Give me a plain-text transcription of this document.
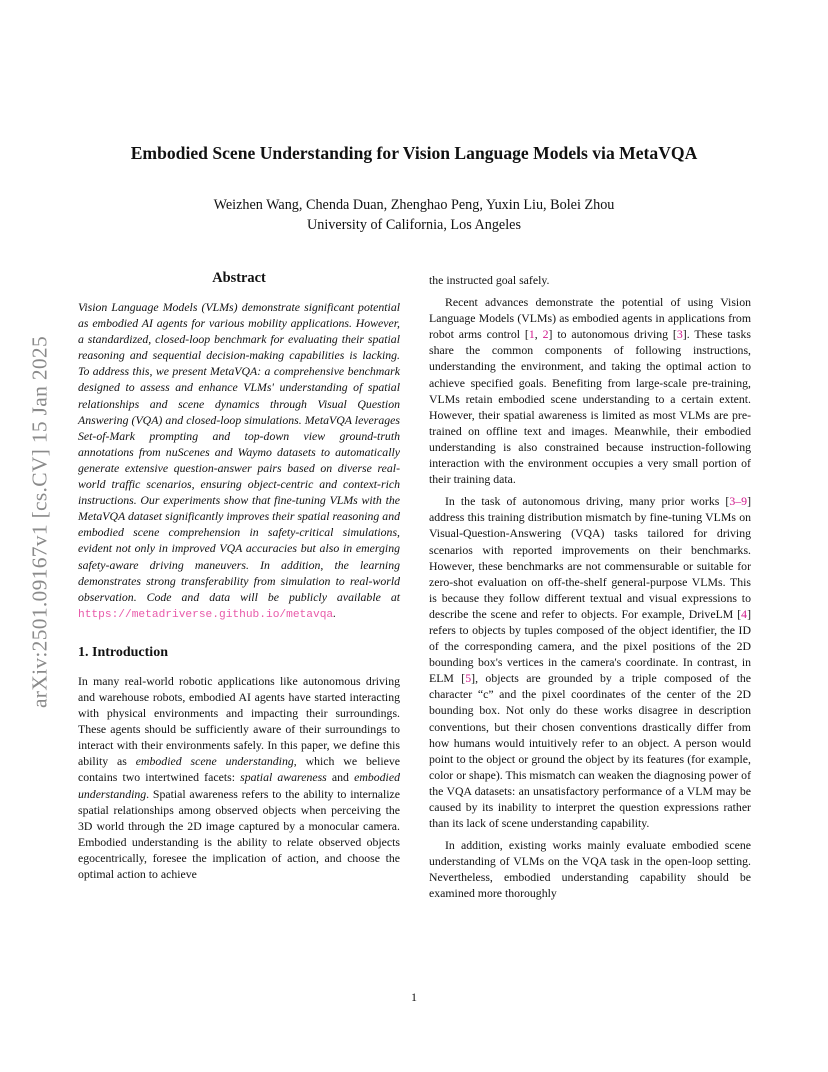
arXiv:2501.09167v1 [cs.CV] 15 Jan 2025
Embodied Scene Understanding for Vision Language Models via MetaVQA
Weizhen Wang, Chenda Duan, Zhenghao Peng, Yuxin Liu, Bolei Zhou
University of California, Los Angeles
Abstract

Vision Language Models (VLMs) demonstrate significant potential as embodied AI agents for various mobility applications. However, a standardized, closed-loop benchmark for evaluating their spatial reasoning and sequential decision-making capabilities is lacking. To address this, we present MetaVQA: a comprehensive benchmark designed to assess and enhance VLMs' understanding of spatial relationships and scene dynamics through Visual Question Answering (VQA) and closed-loop simulations. MetaVQA leverages Set-of-Mark prompting and top-down view ground-truth annotations from nuScenes and Waymo datasets to automatically generate extensive question-answer pairs based on diverse real-world traffic scenarios, ensuring object-centric and context-rich instructions. Our experiments show that fine-tuning VLMs with the MetaVQA dataset significantly improves their spatial reasoning and embodied scene comprehension in safety-critical simulations, evident not only in improved VQA accuracies but also in emerging safety-aware driving maneuvers. In addition, the learning demonstrates strong transferability from simulation to real-world observation. Code and data will be publicly available at https://metadriverse.github.io/metavqa.

1. Introduction

In many real-world robotic applications like autonomous driving and warehouse robots, embodied AI agents have started interacting with physical environments and impacting their surroundings. These agents should be sufficiently aware of their surroundings to interact with their environments safely. In this paper, we define this ability as embodied scene understanding, which we believe contains two intertwined facets: spatial awareness and embodied understanding. Spatial awareness refers to the ability to internalize spatial relationships among observed objects when perceiving the 3D world through the 2D image captured by a monocular camera. Embodied understanding is the ability to relate observed objects egocentrically, foresee the implication of action, and choose the optimal action to achieve

the instructed goal safely.

Recent advances demonstrate the potential of using Vision Language Models (VLMs) as embodied agents in applications from robot arms control [1, 2] to autonomous driving [3]. These tasks share the common components of following instructions, understanding the environment, and taking the optimal action to achieve specified goals. Benefiting from large-scale pre-training, VLMs retain embodied scene understanding to a certain extent. However, their spatial awareness is limited as most VLMs are pre-trained on offline text and images. Meanwhile, their embodied understanding is also constrained because instruction-following interaction with the environment occupies a very small portion of their training data.

In the task of autonomous driving, many prior works [3–9] address this training distribution mismatch by fine-tuning VLMs on Visual-Question-Answering (VQA) tasks tailored for driving scenarios with reported improvements on their benchmarks. However, these benchmarks are not commensurable or suitable for zero-shot evaluation on off-the-shelf general-purpose VLMs. This is because they follow different textual and visual expressions to describe the scene and refer to objects. For example, DriveLM [4] refers to objects by tuples composed of the object identifier, the ID of the corresponding camera, and the pixel positions of the 2D bounding box's vertices in the camera's coordinate. In contrast, in ELM [5], objects are grounded by a triple composed of the character “c” and the pixel coordinates of the center of the 2D bounding box. Not only do these works disagree in description conventions, but their chosen conventions drastically differ from how humans would intuitively refer to an object. A person would point to the object or ground the object by its features (for example, color or shape). This mismatch can weaken the diagnosing power of the VQA datasets: an unsatisfactory performance of a VLM may be caused by its inability to interpret the question expressions rather than its lack of scene understanding capability.

In addition, existing works mainly evaluate embodied scene understanding of VLMs on the VQA task in the open-loop setting. Nevertheless, embodied understanding capability should be examined more thoroughly

1
